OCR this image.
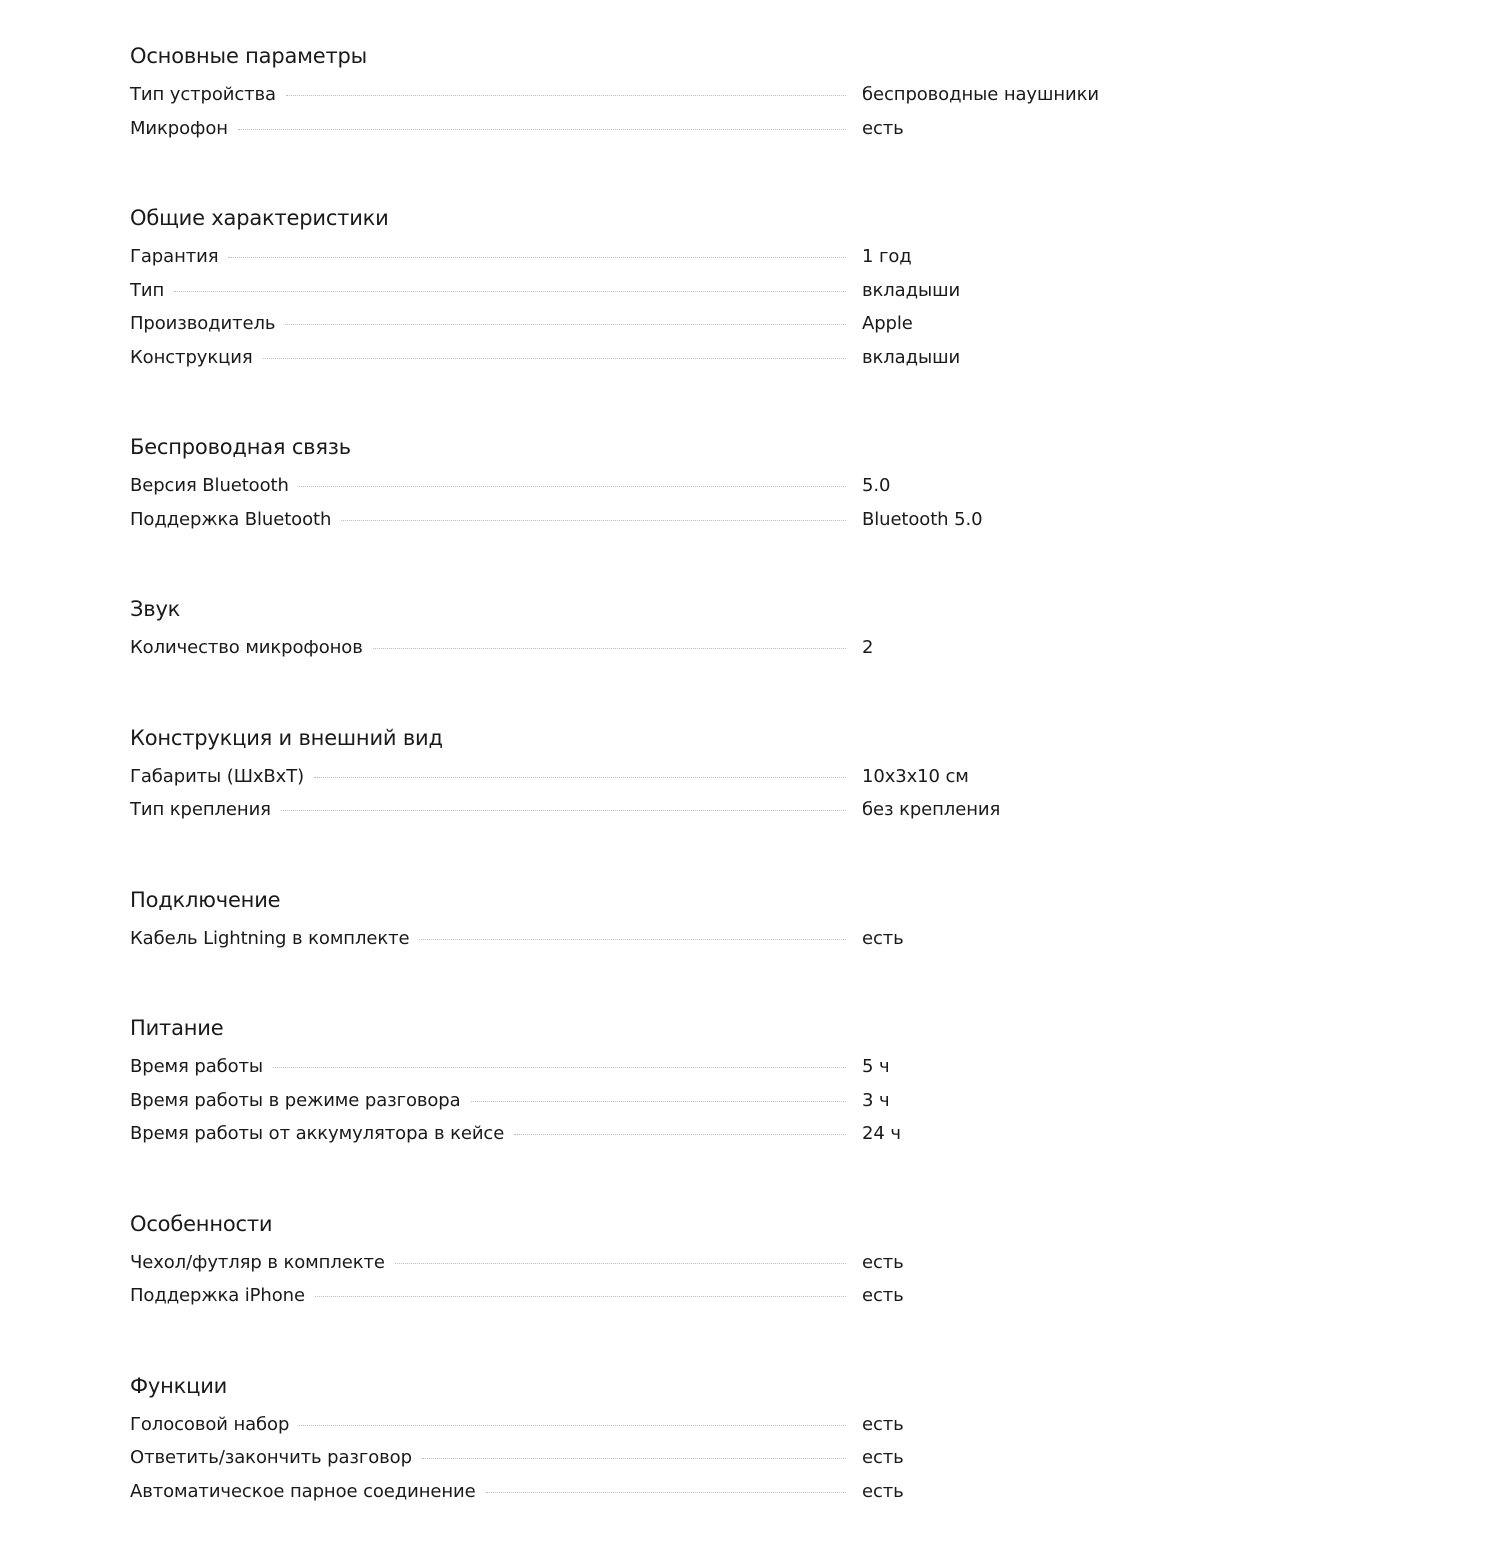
Основные параметры
Тип устройства	беспроводные наушники
Микрофон	есть
Общие характеристики
Гарантия	1 год
Тип	вкладыши
Производитель	Apple
Конструкция	вкладыши
Беспроводная связь
Версия Bluetooth	5.0
Поддержка Bluetooth	Bluetooth 5.0
Звук
Количество микрофонов	2
Конструкция и внешний вид
Габариты (ШxВxТ)	10x3x10 см
Тип крепления	без крепления
Подключение
Кабель Lightning в комплекте	есть
Питание
Время работы	5 ч
Время работы в режиме разговора	3 ч
Время работы от аккумулятора в кейсе	24 ч
Особенности
Чехол/футляр в комплекте	есть
Поддержка iPhone	есть
Функции
Голосовой набор	есть
Ответить/закончить разговор	есть
Автоматическое парное соединение	есть
